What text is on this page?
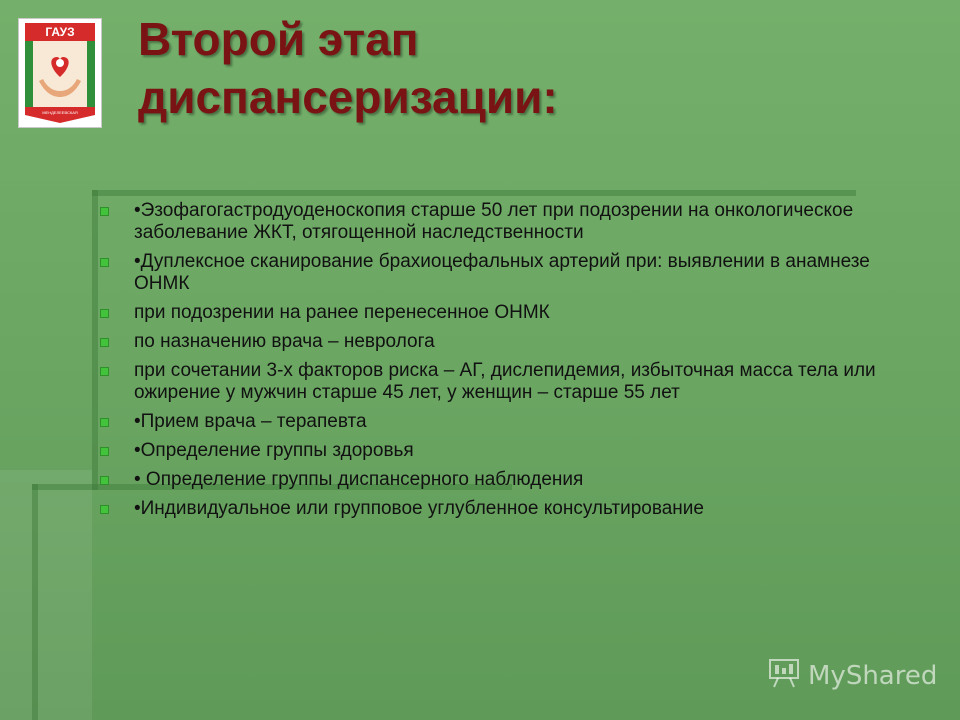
ГАУЗ
МЕНДЕЛЕЕВСКАЯ
Второй этап
диспансеризации:
•Эзофагогастродуоденоскопия старше 50 лет при подозрении на онкологическое заболевание ЖКТ, отягощенной наследственности
•Дуплексное сканирование брахиоцефальных артерий при: выявлении в анамнезе ОНМК
при подозрении на ранее перенесенное ОНМК
по назначению врача – невролога
при сочетании 3-х факторов риска – АГ, дислепидемия, избыточная масса тела или ожирение у мужчин старше 45 лет, у женщин – старше 55 лет
•Прием врача – терапевта
•Определение группы здоровья
• Определение группы диспансерного наблюдения
•Индивидуальное или групповое углубленное консультирование
MyShared
